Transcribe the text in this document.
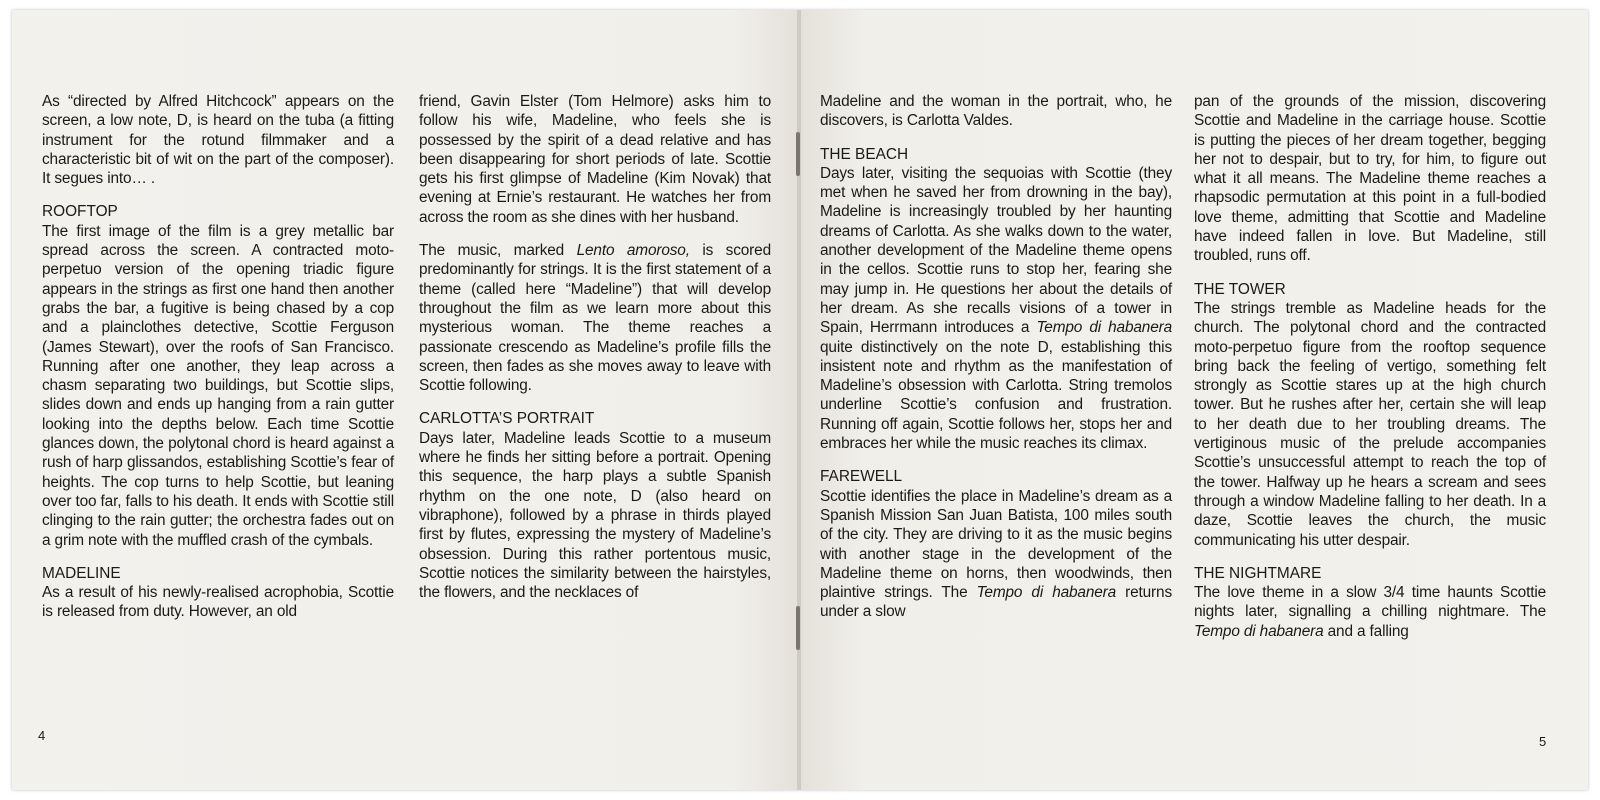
As “directed by Alfred Hitchcock” appears on the screen, a low note, D, is heard on the tuba (a fitting instrument for the rotund filmmaker and a characteristic bit of wit on the part of the composer). It segues into… .

ROOFTOP

The first image of the film is a grey metallic bar spread across the screen. A contracted moto-perpetuo version of the opening triadic figure appears in the strings as first one hand then another grabs the bar, a fugitive is being chased by a cop and a plainclothes detective, Scottie Ferguson (James Stewart), over the roofs of San Francisco. Running after one another, they leap across a chasm separating two buildings, but Scottie slips, slides down and ends up hanging from a rain gutter looking into the depths below. Each time Scottie glances down, the polytonal chord is heard against a rush of harp glissandos, establishing Scottie’s fear of heights. The cop turns to help Scottie, but leaning over too far, falls to his death. It ends with Scottie still clinging to the rain gutter; the orchestra fades out on a grim note with the muffled crash of the cymbals.

MADELINE

As a result of his newly-realised acrophobia, Scottie is released from duty. However, an old

friend, Gavin Elster (Tom Helmore) asks him to follow his wife, Madeline, who feels she is possessed by the spirit of a dead relative and has been disappearing for short periods of late. Scottie gets his first glimpse of Madeline (Kim Novak) that evening at Ernie’s restaurant. He watches her from across the room as she dines with her husband.

The music, marked Lento amoroso, is scored predominantly for strings. It is the first statement of a theme (called here “Madeline”) that will develop throughout the film as we learn more about this mysterious woman. The theme reaches a passionate crescendo as Madeline’s profile fills the screen, then fades as she moves away to leave with Scottie following.

CARLOTTA’S PORTRAIT

Days later, Madeline leads Scottie to a museum where he finds her sitting before a portrait. Opening this sequence, the harp plays a subtle Spanish rhythm on the one note, D (also heard on vibraphone), followed by a phrase in thirds played first by flutes, expressing the mystery of Madeline’s obsession. During this rather portentous music, Scottie notices the similarity between the hairstyles, the flowers, and the necklaces of

4

Madeline and the woman in the portrait, who, he discovers, is Carlotta Valdes.

THE BEACH

Days later, visiting the sequoias with Scottie (they met when he saved her from drowning in the bay), Madeline is increasingly troubled by her haunting dreams of Carlotta. As she walks down to the water, another development of the Madeline theme opens in the cellos. Scottie runs to stop her, fearing she may jump in. He questions her about the details of her dream. As she recalls visions of a tower in Spain, Herrmann introduces a Tempo di habanera quite distinctively on the note D, establishing this insistent note and rhythm as the manifestation of Madeline’s obsession with Carlotta. String tremolos underline Scottie’s confusion and frustration. Running off again, Scottie follows her, stops her and embraces her while the music reaches its climax.

FAREWELL

Scottie identifies the place in Madeline’s dream as a Spanish Mission San Juan Batista, 100 miles south of the city. They are driving to it as the music begins with another stage in the development of the Madeline theme on horns, then woodwinds, then plaintive strings. The Tempo di habanera returns under a slow

pan of the grounds of the mission, discovering Scottie and Madeline in the carriage house. Scottie is putting the pieces of her dream together, begging her not to despair, but to try, for him, to figure out what it all means. The Madeline theme reaches a rhapsodic permutation at this point in a full-bodied love theme, admitting that Scottie and Madeline have indeed fallen in love. But Madeline, still troubled, runs off.

THE TOWER

The strings tremble as Madeline heads for the church. The polytonal chord and the contracted moto-perpetuo figure from the rooftop sequence bring back the feeling of vertigo, something felt strongly as Scottie stares up at the high church tower. But he rushes after her, certain she will leap to her death due to her troubling dreams. The vertiginous music of the prelude accompanies Scottie’s unsuccessful attempt to reach the top of the tower. Halfway up he hears a scream and sees through a window Madeline falling to her death. In a daze, Scottie leaves the church, the music communicating his utter despair.

THE NIGHTMARE

The love theme in a slow 3/4 time haunts Scottie nights later, signalling a chilling nightmare. The Tempo di habanera and a falling

5
